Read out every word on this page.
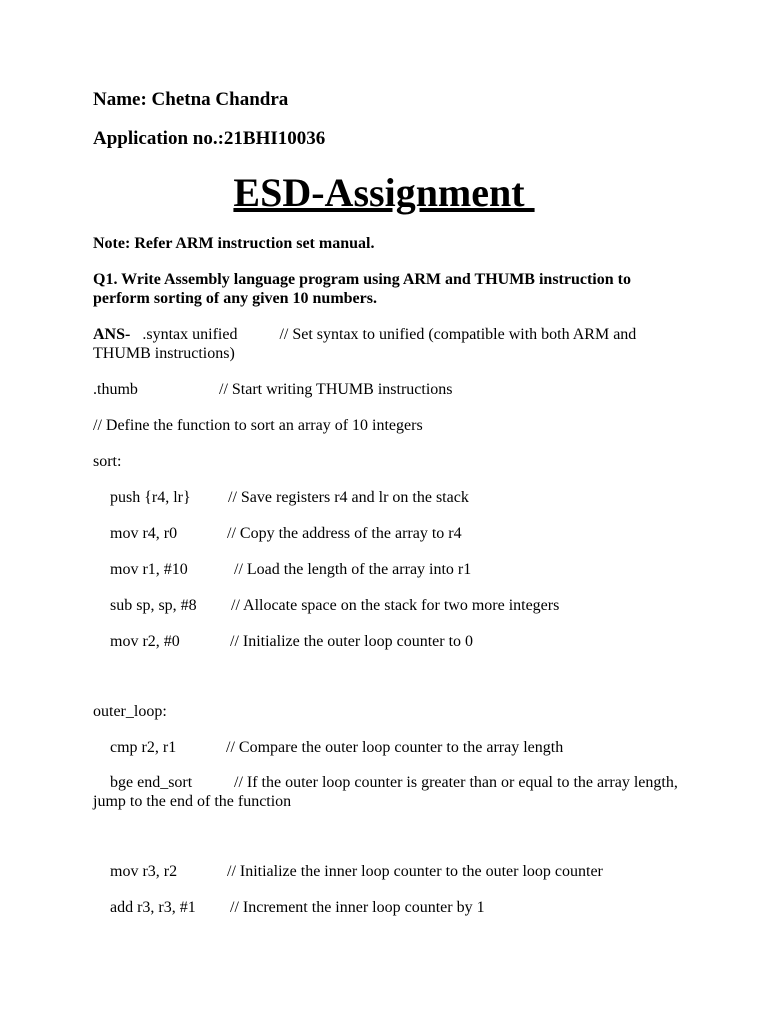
Name: Chetna Chandra
Application no.:21BHI10036
ESD-Assignment
Note: Refer ARM instruction set manual.
Q1. Write Assembly language program using ARM and THUMB instruction to perform sorting of any given 10 numbers.
ANS- .syntax unified	// Set syntax to unified (compatible with both ARM and THUMB instructions)
.thumb	// Start writing THUMB instructions
// Define the function to sort an array of 10 integers
sort:
push {r4, lr} // Save registers r4 and lr on the stack
mov r4, r0	// Copy the address of the array to r4
mov r1, #10	// Load the length of the array into r1
sub sp, sp, #8 // Allocate space on the stack for two more integers
mov r2, #0	// Initialize the outer loop counter to 0
outer_loop:
cmp r2, r1	// Compare the outer loop counter to the array length
bge end_sort	// If the outer loop counter is greater than or equal to the array length, jump to the end of the function
mov r3, r2	// Initialize the inner loop counter to the outer loop counter
add r3, r3, #1 // Increment the inner loop counter by 1
